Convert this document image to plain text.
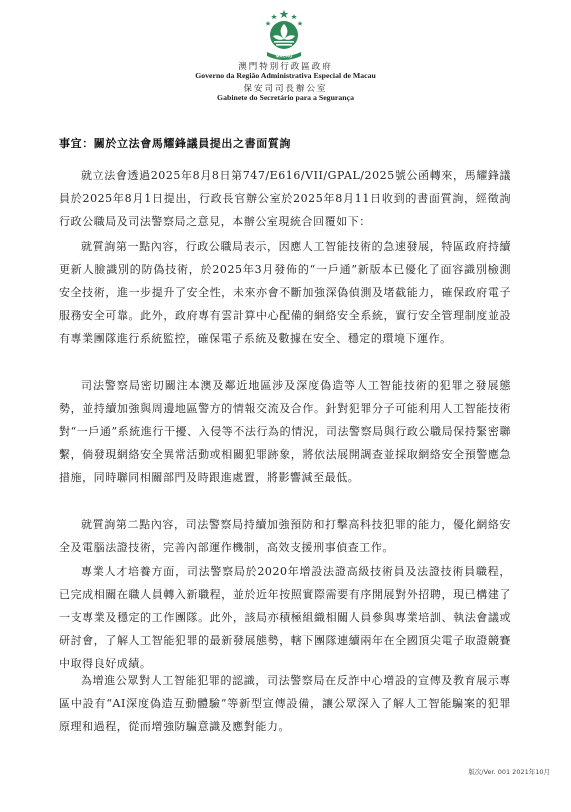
MACAU
澳門特別行政區政府
Governo da Região Administrativa Especial de Macau
保安司司長辦公室
Gabinete do Secretário para a Segurança
事宜：關於立法會馬耀鋒議員提出之書面質詢
就立法會透過2025年8月8日第747/E616/VII/GPAL/2025號公函轉來，馬耀鋒議員於2025年8月1日提出，行政長官辦公室於2025年8月11日收到的書面質詢，經徵詢行政公職局及司法警察局之意見，本辦公室現統合回覆如下：
就質詢第一點內容，行政公職局表示，因應人工智能技術的急速發展，特區政府持續更新人臉識別的防偽技術，於2025年3月發佈的“一戶通”新版本已優化了面容識別檢測安全技術，進一步提升了安全性，未來亦會不斷加強深偽偵測及堵截能力，確保政府電子服務安全可靠。此外，政府專有雲計算中心配備的網絡安全系統，實行安全管理制度並設有專業團隊進行系統監控，確保電子系統及數據在安全、穩定的環境下運作。
司法警察局密切關注本澳及鄰近地區涉及深度偽造等人工智能技術的犯罪之發展態勢，並持續加強與周邊地區警方的情報交流及合作。針對犯罪分子可能利用人工智能技術對“一戶通”系統進行干擾、入侵等不法行為的情況，司法警察局與行政公職局保持緊密聯繫，倘發現網絡安全異常活動或相關犯罪跡象，將依法展開調查並採取網絡安全預警應急措施，同時聯同相關部門及時跟進處置，將影響減至最低。
就質詢第二點內容，司法警察局持續加強預防和打擊高科技犯罪的能力，優化網絡安全及電腦法證技術，完善內部運作機制，高效支援刑事偵查工作。
專業人才培養方面，司法警察局於2020年增設法證高級技術員及法證技術員職程，已完成相關在職人員轉入新職程，並於近年按照實際需要有序開展對外招聘，現已構建了一支專業及穩定的工作團隊。此外，該局亦積極組織相關人員參與專業培訓、執法會議或研討會，了解人工智能犯罪的最新發展態勢，轄下團隊連續兩年在全國頂尖電子取證競賽中取得良好成績。
為增進公眾對人工智能犯罪的認識，司法警察局在反詐中心增設的宣傳及教育展示專區中設有“AI深度偽造互動體驗”等新型宣傳設備，讓公眾深入了解人工智能騙案的犯罪原理和過程，從而增強防騙意識及應對能力。
版次/Ver. 001 2021年10月
